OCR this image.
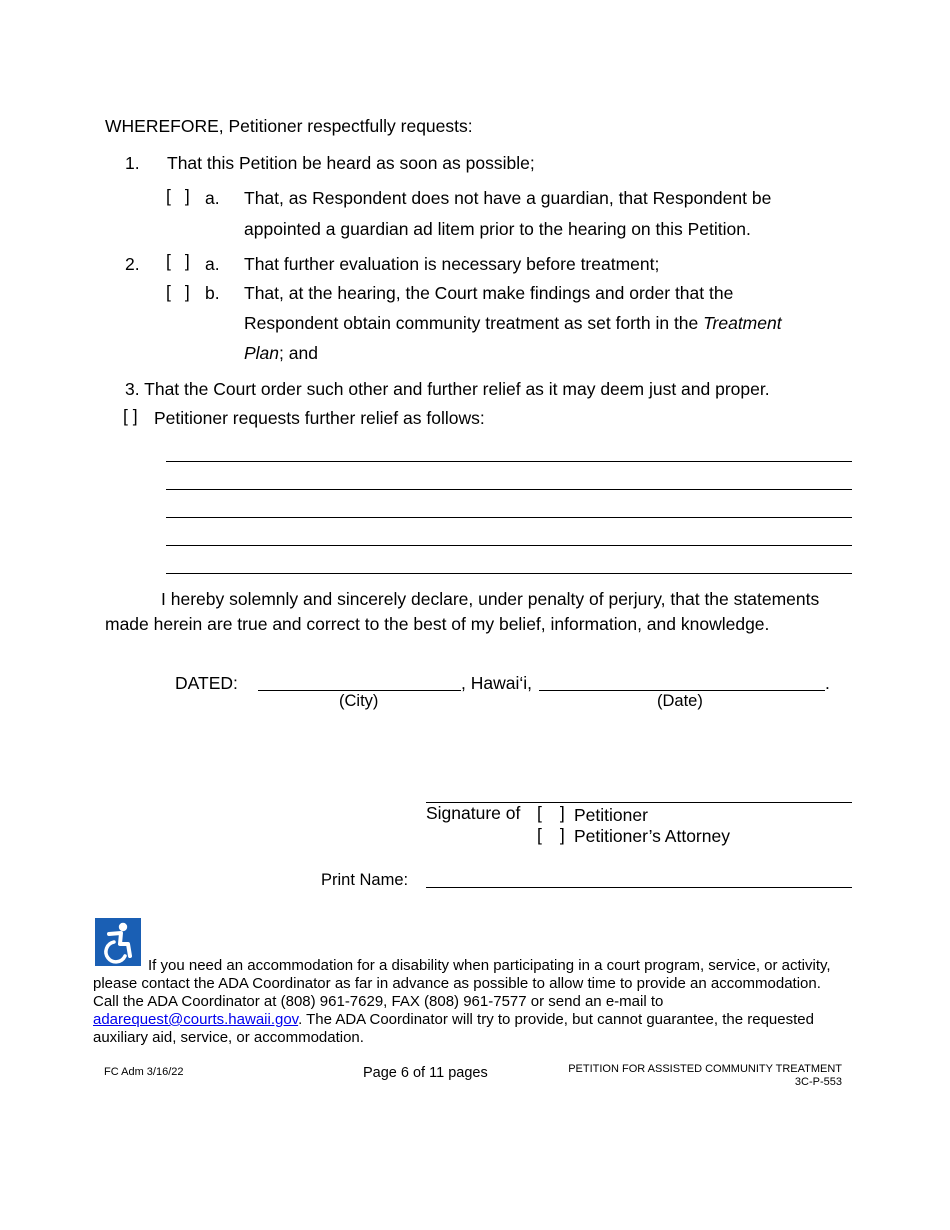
WHEREFORE, Petitioner respectfully requests:
1. That this Petition be heard as soon as possible;
[ ] a. That, as Respondent does not have a guardian, that Respondent be
appointed a guardian ad litem prior to the hearing on this Petition.
2. [ ] a. That further evaluation is necessary before treatment;
[ ] b. That, at the hearing, the Court make findings and order that the
Respondent obtain community treatment as set forth in the Treatment
Plan; and
3. That the Court order such other and further relief as it may deem just and proper.
[ ] Petitioner requests further relief as follows:
I hereby solemnly and sincerely declare, under penalty of perjury, that the statements
made herein are true and correct to the best of my belief, information, and knowledge.
DATED:	, Hawai‘i,	.
(City)	(Date)
Signature of [ ] Petitioner
[ ] Petitioner’s Attorney
Print Name:
If you need an accommodation for a disability when participating in a court program, service, or activity,
please contact the ADA Coordinator as far in advance as possible to allow time to provide an accommodation.
Call the ADA Coordinator at (808) 961-7629, FAX (808) 961-7577 or send an e-mail to
adarequest@courts.hawaii.gov. The ADA Coordinator will try to provide, but cannot guarantee, the requested
auxiliary aid, service, or accommodation.
FC Adm 3/16/22	Page 6 of 11 pages	PETITION FOR ASSISTED COMMUNITY TREATMENT
3C-P-553
